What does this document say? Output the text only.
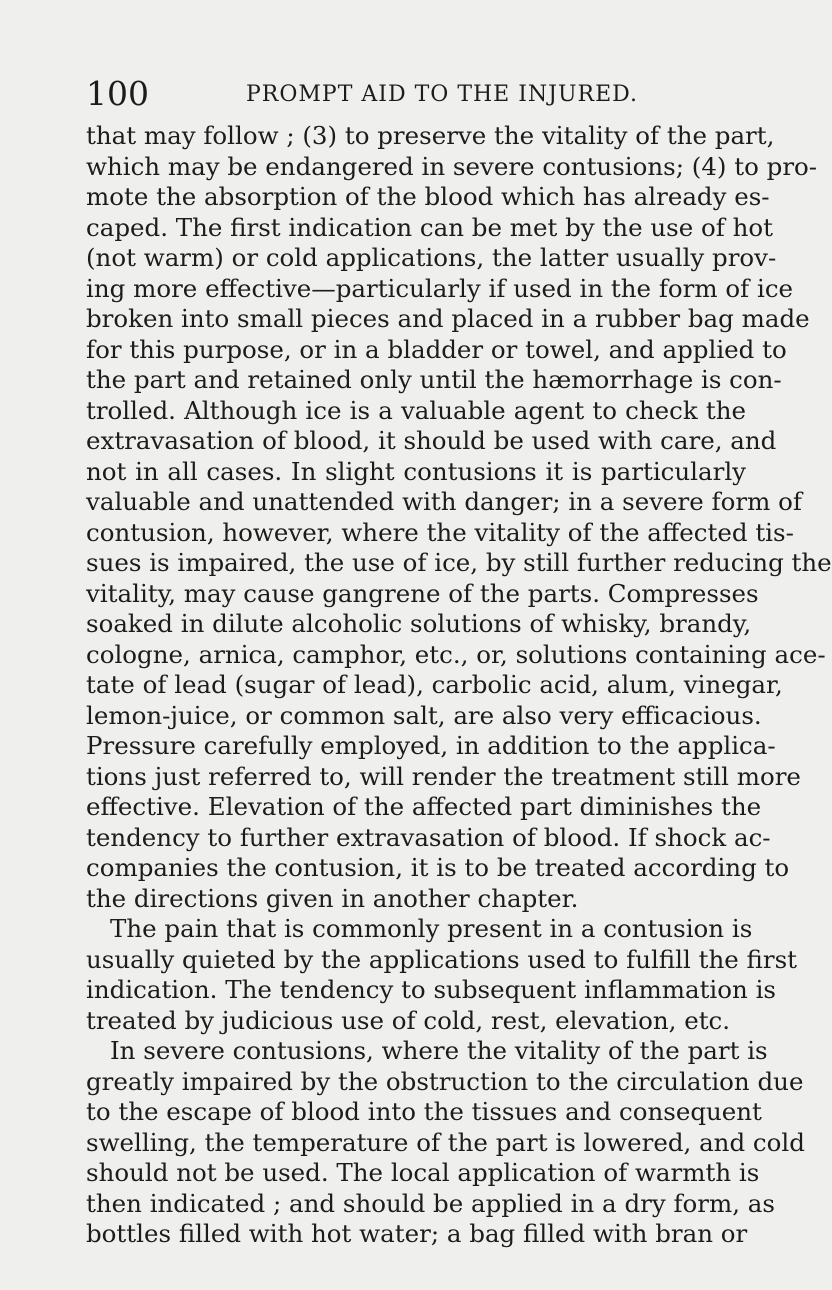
100	PROMPT AID TO THE INJURED.
that may follow ; (3) to preserve the vitality of the part,
which may be endangered in severe contusions; (4) to pro-
mote the absorption of the blood which has already es-
caped. The first indication can be met by the use of hot
(not warm) or cold applications, the latter usually prov-
ing more effective—particularly if used in the form of ice
broken into small pieces and placed in a rubber bag made
for this purpose, or in a bladder or towel, and applied to
the part and retained only until the hæmorrhage is con-
trolled. Although ice is a valuable agent to check the
extravasation of blood, it should be used with care, and
not in all cases. In slight contusions it is particularly
valuable and unattended with danger; in a severe form of
contusion, however, where the vitality of the affected tis-
sues is impaired, the use of ice, by still further reducing the
vitality, may cause gangrene of the parts. Compresses
soaked in dilute alcoholic solutions of whisky, brandy,
cologne, arnica, camphor, etc., or, solutions containing ace-
tate of lead (sugar of lead), carbolic acid, alum, vinegar,
lemon-juice, or common salt, are also very efficacious.
Pressure carefully employed, in addition to the applica-
tions just referred to, will render the treatment still more
effective. Elevation of the affected part diminishes the
tendency to further extravasation of blood. If shock ac-
companies the contusion, it is to be treated according to
the directions given in another chapter.
The pain that is commonly present in a contusion is
usually quieted by the applications used to fulfill the first
indication. The tendency to subsequent inflammation is
treated by judicious use of cold, rest, elevation, etc.
In severe contusions, where the vitality of the part is
greatly impaired by the obstruction to the circulation due
to the escape of blood into the tissues and consequent
swelling, the temperature of the part is lowered, and cold
should not be used. The local application of warmth is
then indicated ; and should be applied in a dry form, as
bottles filled with hot water; a bag filled with bran or
